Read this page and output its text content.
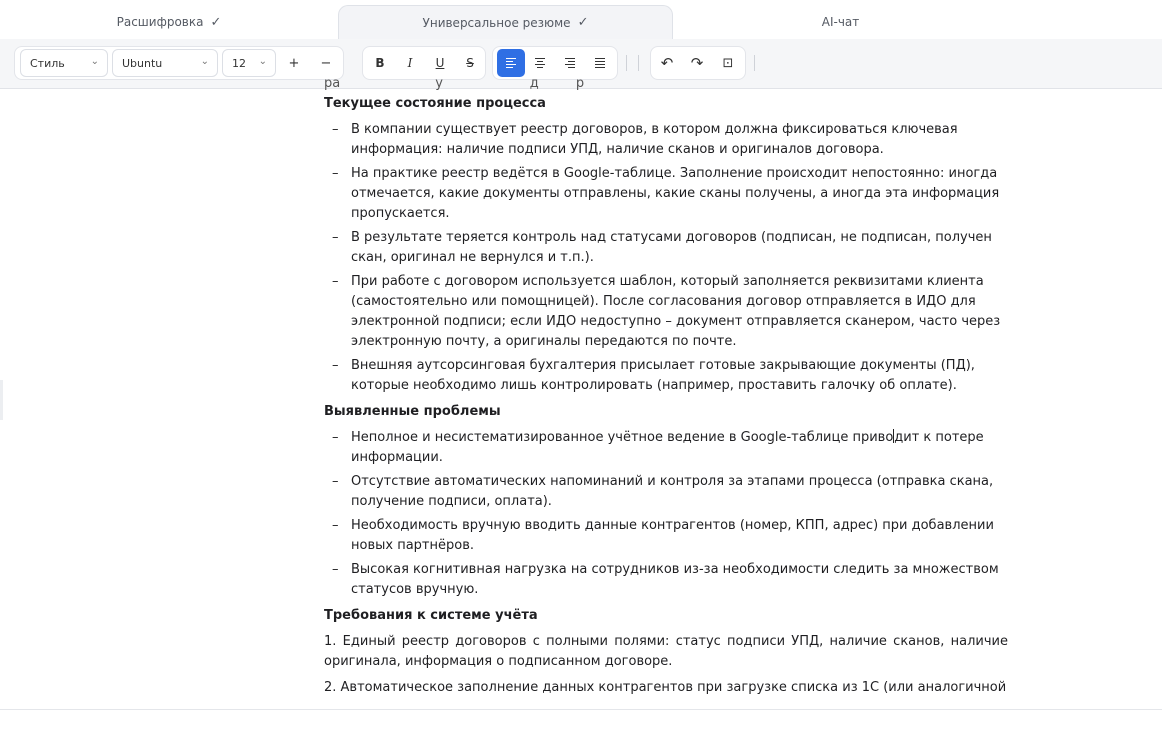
Расшифровка ✓	Универсальное резюме ✓	AI-чат
Стиль	⌄ Ubuntu	⌄ 12 ⌄	+	−	B	I	U	S	↶	↷	⊡
ра                       у                     д         р
Текущее состояние процесса
– В компании существует реестр договоров, в котором должна фиксироваться ключевая информация: наличие подписи УПД, наличие сканов и оригиналов договора.
– На практике реестр ведётся в Google-таблице. Заполнение происходит непостоянно: иногда отмечается, какие документы отправлены, какие сканы получены, а иногда эта информация пропускается.
– В результате теряется контроль над статусами договоров (подписан, не подписан, получен скан, оригинал не вернулся и т.п.).
– При работе с договором используется шаблон, который заполняется реквизитами клиента (самостоятельно или помощницей). После согласования договор отправляется в ИДО для электронной подписи; если ИДО недоступно – документ отправляется сканером, часто через электронную почту, а оригиналы передаются по почте.
– Внешняя аутсорсинговая бухгалтерия присылает готовые закрывающие документы (ПД), которые необходимо лишь контролировать (например, проставить галочку об оплате).
Выявленные проблемы
– Неполное и несистематизированное учётное ведение в Google-таблице приводит к потере информации.
– Отсутствие автоматических напоминаний и контроля за этапами процесса (отправка скана, получение подписи, оплата).
– Необходимость вручную вводить данные контрагентов (номер, КПП, адрес) при добавлении новых партнёров.
– Высокая когнитивная нагрузка на сотрудников из-за необходимости следить за множеством статусов вручную.
Требования к системе учёта

1. Единый реестр договоров с полными полями: статус подписи УПД, наличие сканов, наличие оригинала, информация о подписанном договоре.

2. Автоматическое заполнение данных контрагентов при загрузке списка из 1С (или аналогичной
